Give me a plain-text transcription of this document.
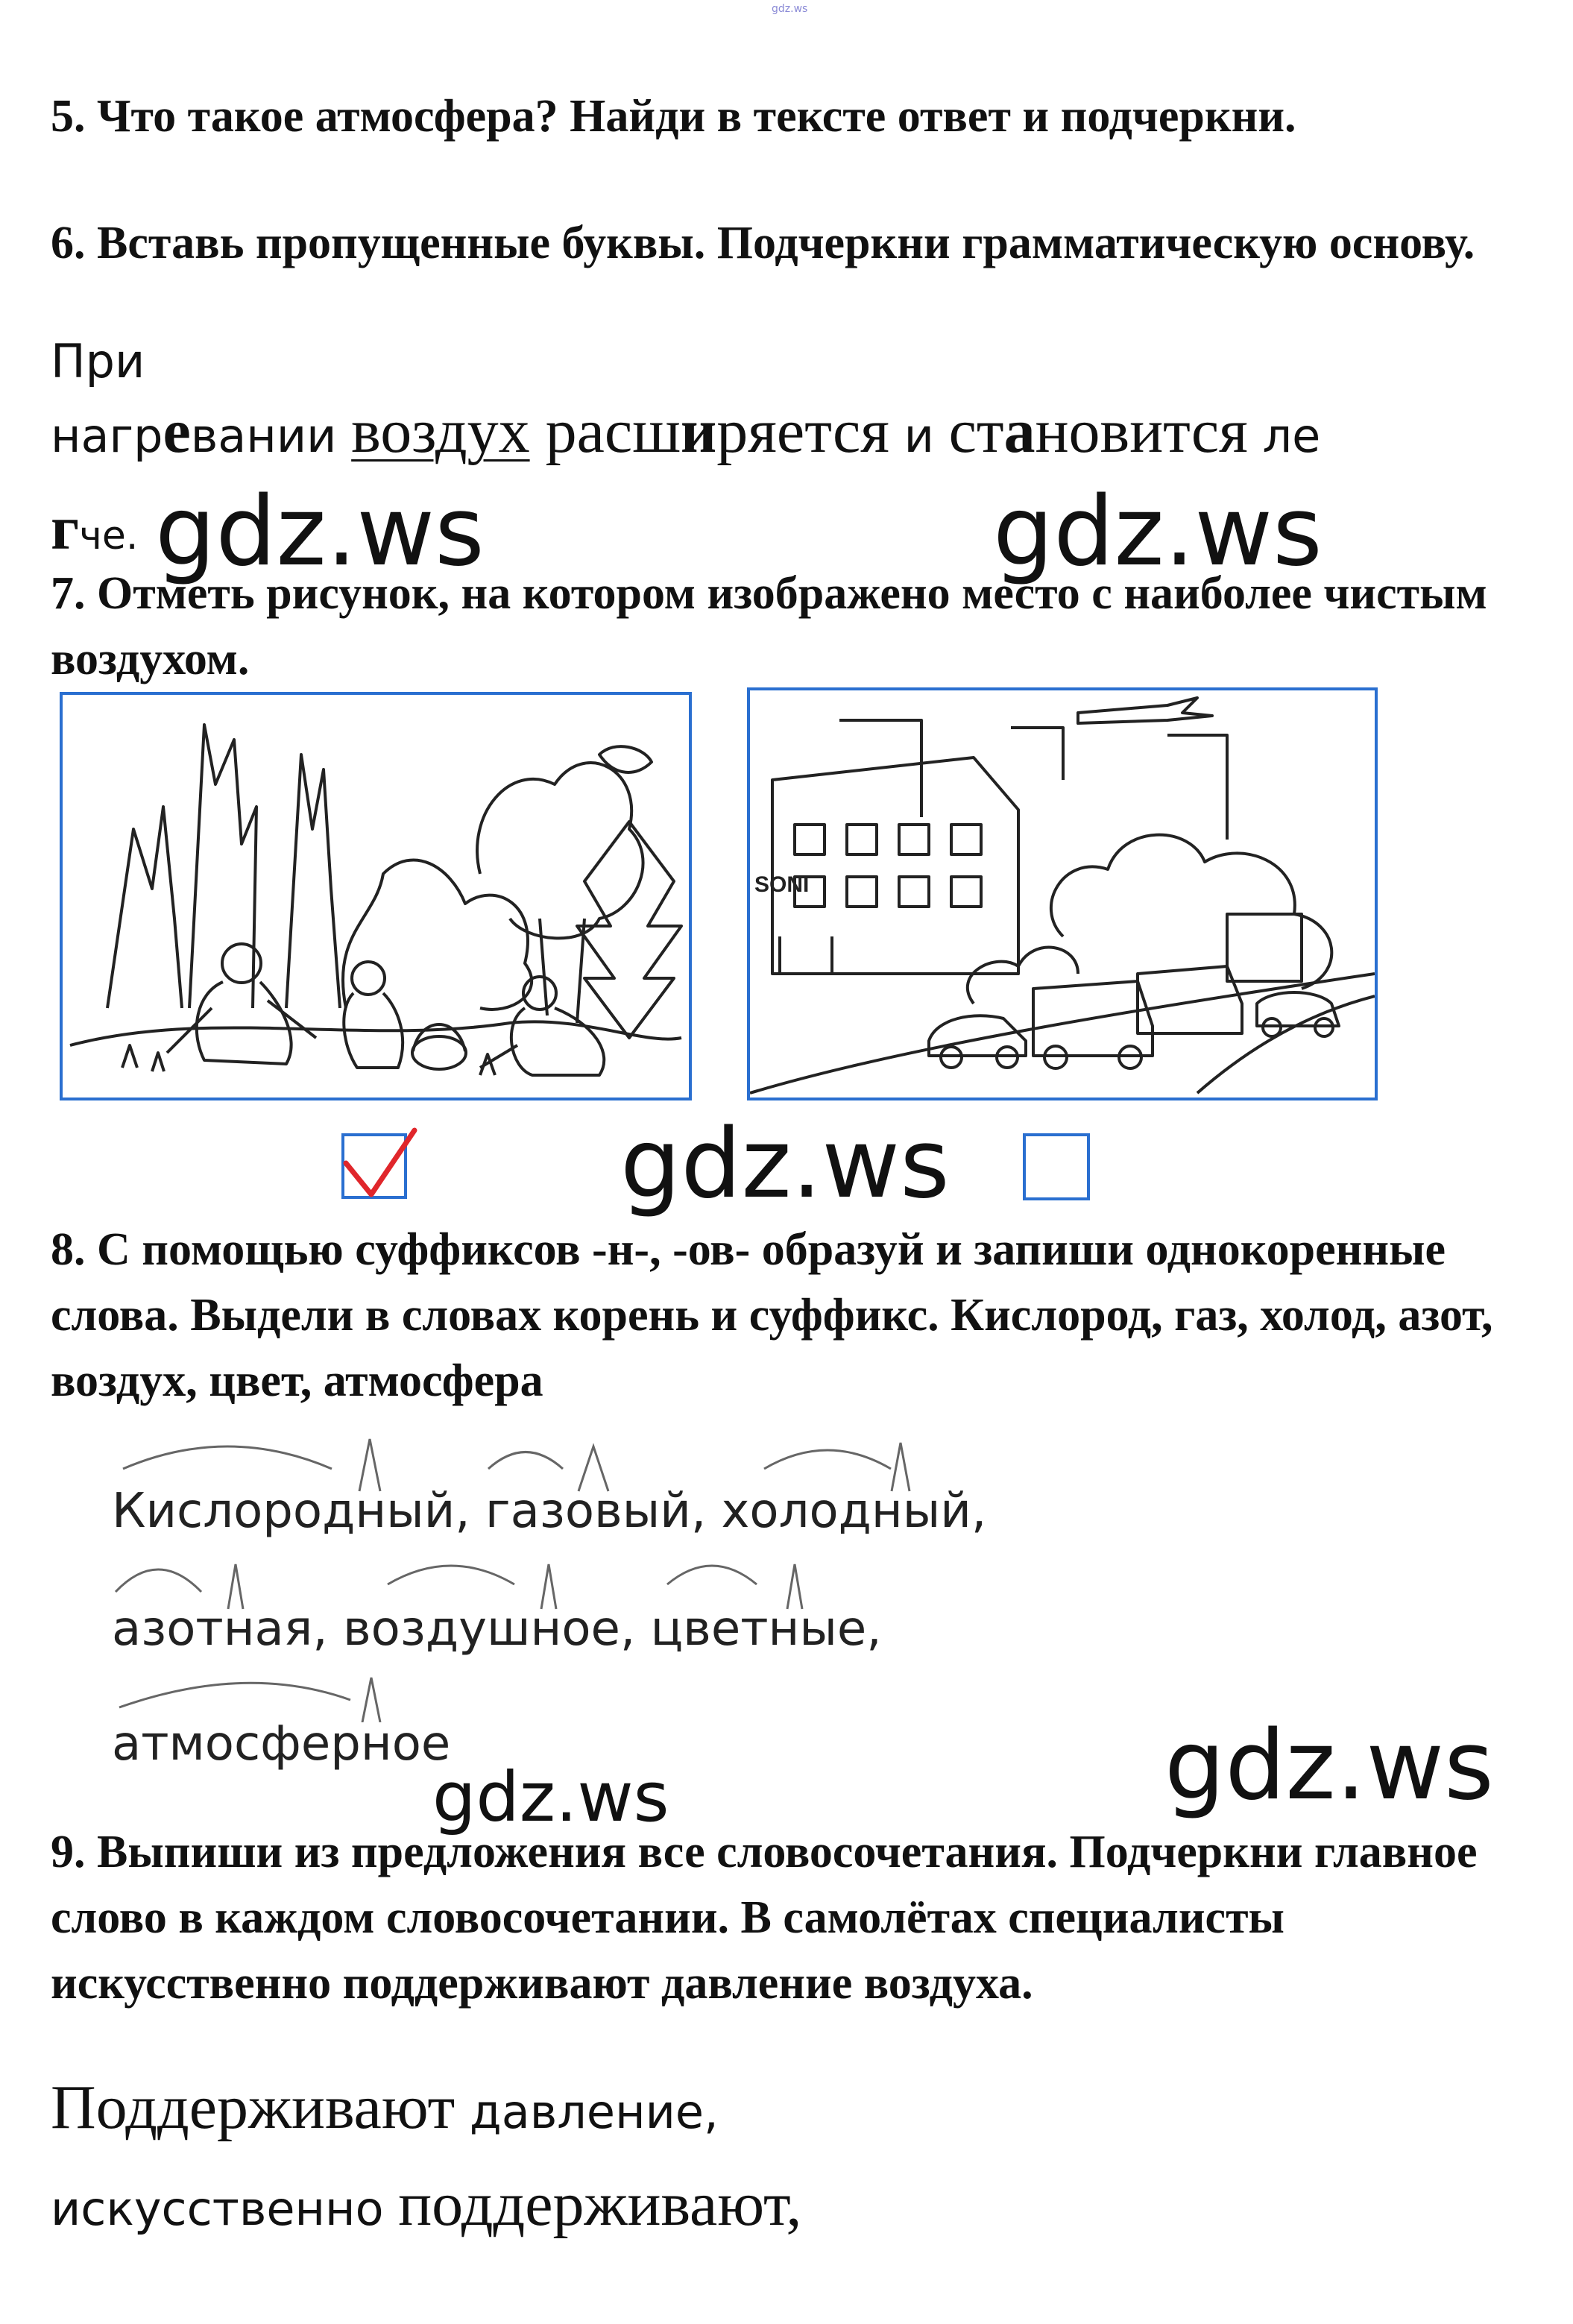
gdz.ws

5. Что такое атмосфера? Найди в тексте ответ и подчеркни.

6. Вставь пропущенные буквы. Подчеркни грамматическую основу.

При
нагревании воздух расширяется и становится ле
гче. gdz.ws	gdz.ws

7. Отметь рисунок, на котором изображено место с наиболее чистым воздухом.

SONI
gdz.ws

8. С помощью суффиксов -н-, -ов- образуй и запиши однокоренные слова. Выдели в словах корень и суффикс. Кислород, газ, холод, азот, воздух, цвет, атмосфера

Кислородный, газовый, холодный,
азотная, воздушное, цветные,
атмосферное	gdz.ws
gdz.ws

9. Выпиши из предложения все словосочетания. Подчеркни главное слово в каждом словосочетании. В самолётах специалисты искусственно поддерживают давление воздуха.

Поддерживают давление,
искусственно поддерживают,
